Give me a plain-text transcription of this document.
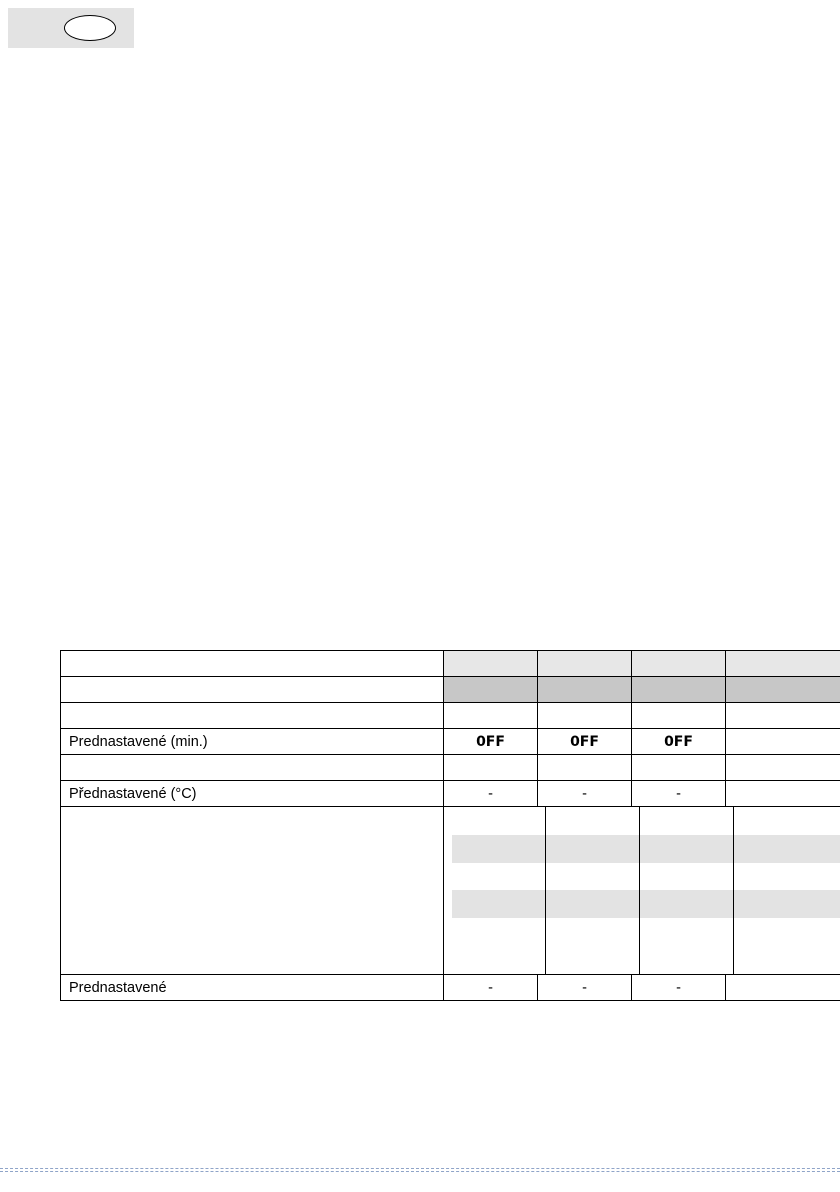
Prednastavené (min.)	0FF	0FF	0FF	

Přednastavené (°C)	-	-	-	

Prednastavené	-	-	-	
